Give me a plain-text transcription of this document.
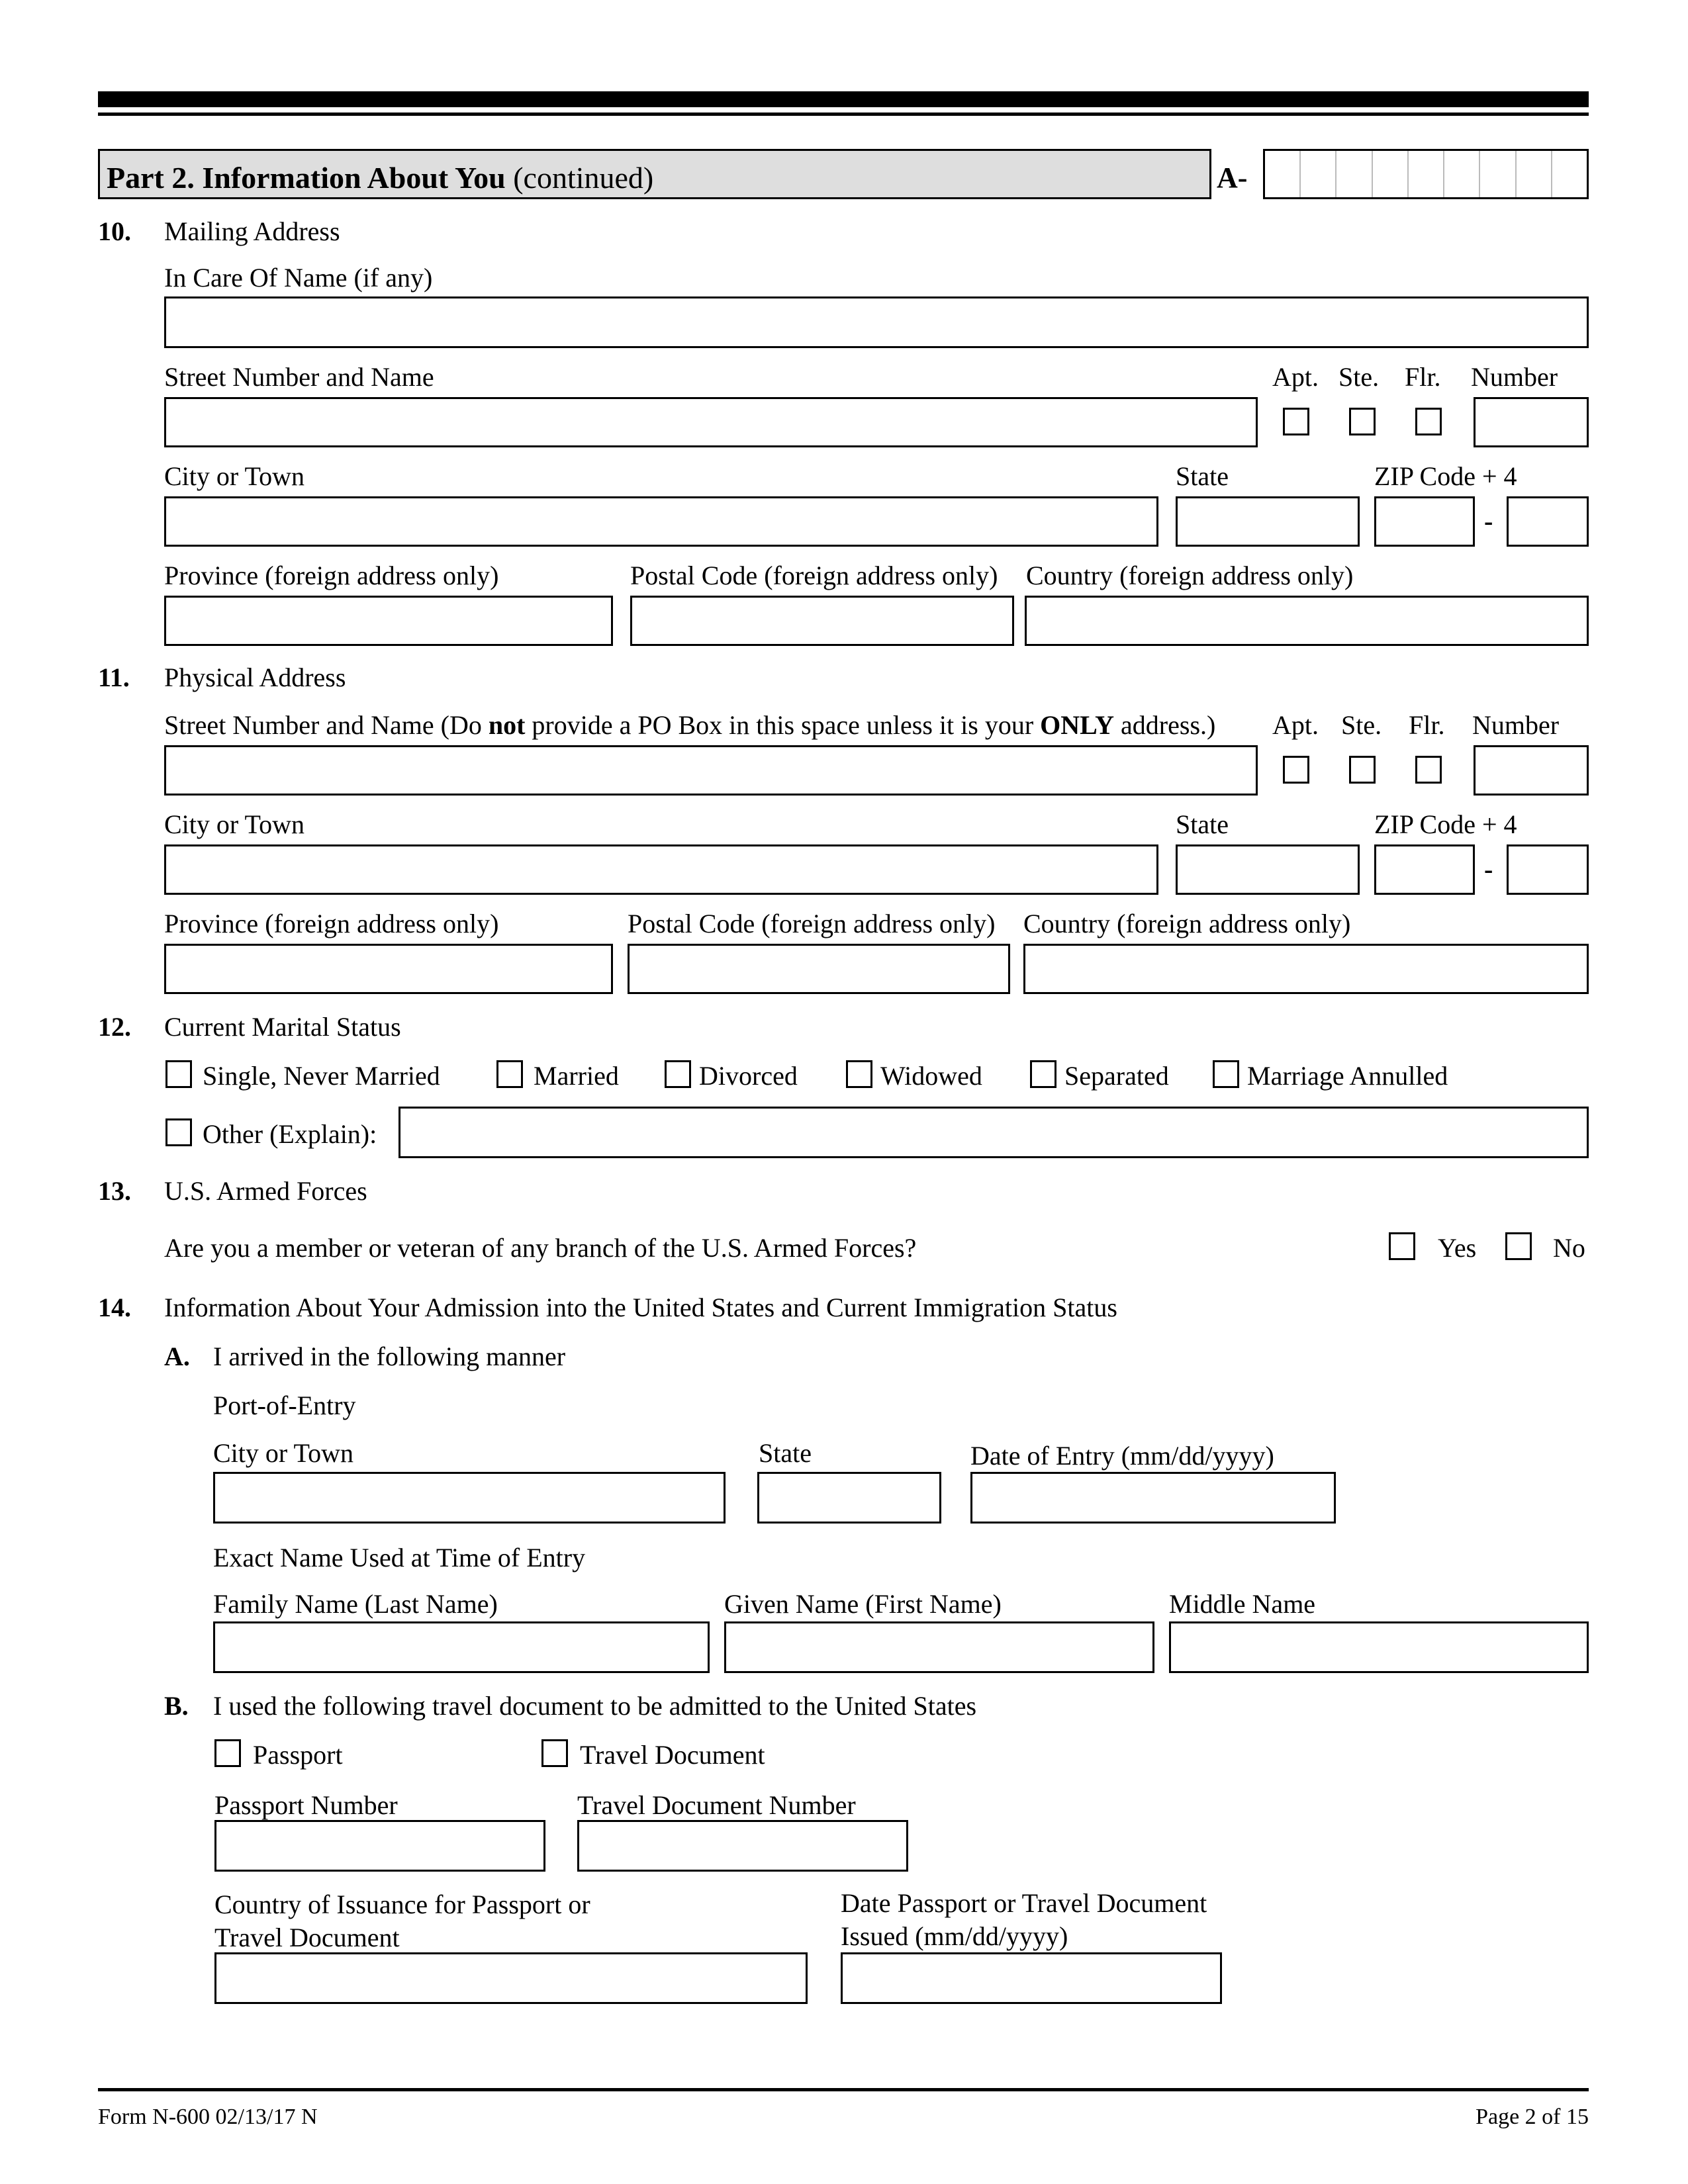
Part 2. Information About You (continued)	A-
10. Mailing Address
In Care Of Name (if any)
Street Number and Name	Apt. Ste. Flr. Number
City or Town	State	ZIP Code + 4
-
Province (foreign address only)	Postal Code (foreign address only) Country (foreign address only)
11. Physical Address
Street Number and Name (Do not provide a PO Box in this space unless it is your ONLY address.) Apt. Ste. Flr. Number
City or Town	State	ZIP Code + 4
-
Province (foreign address only)	Postal Code (foreign address only) Country (foreign address only)
12. Current Marital Status
Single, Never Married	Married	Divorced	Widowed	Separated	Marriage Annulled
Other (Explain):
13. U.S. Armed Forces
Are you a member or veteran of any branch of the U.S. Armed Forces?	Yes	No
14. Information About Your Admission into the United States and Current Immigration Status
A. I arrived in the following manner
Port-of-Entry
City or Town	State	Date of Entry (mm/dd/yyyy)
Exact Name Used at Time of Entry
Family Name (Last Name)	Given Name (First Name)	Middle Name
B. I used the following travel document to be admitted to the United States
Passport	Travel Document
Passport Number	Travel Document Number
Country of Issuance for Passport or
Travel Document
Date Passport or Travel Document
Issued (mm/dd/yyyy)
Form N-600 02/13/17 N	Page 2 of 15
